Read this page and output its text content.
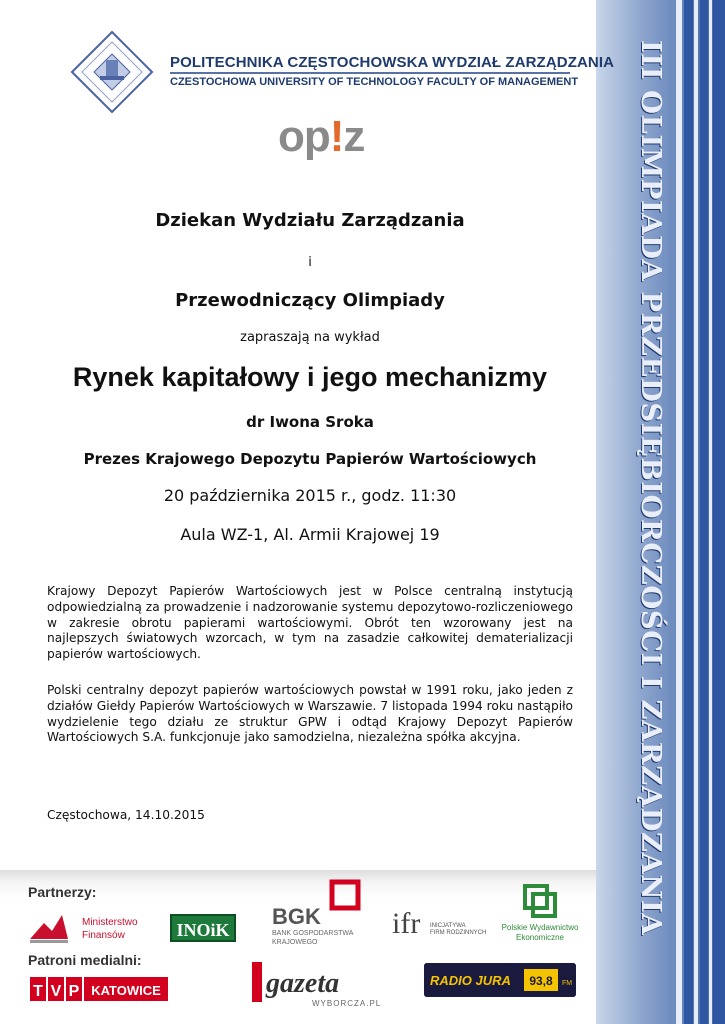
III OLIMPIADA PRZEDSIĘBIORCZOŚCI I ZARZĄDZANIA
POLITECHNIKA CZĘSTOCHOWSKA WYDZIAŁ ZARZĄDZANIA
CZESTOCHOWA UNIVERSITY OF TECHNOLOGY FACULTY OF MANAGEMENT
op!z
Dziekan Wydziału Zarządzania
i
Przewodniczący Olimpiady
zapraszają na wykład
Rynek kapitałowy i jego mechanizmy
dr Iwona Sroka
Prezes Krajowego Depozytu Papierów Wartościowych
20 października 2015 r., godz. 11:30
Aula WZ-1, Al. Armii Krajowej 19
Krajowy Depozyt Papierów Wartościowych jest w Polsce centralną instytucją odpowiedzialną za prowadzenie i nadzorowanie systemu depozytowo-rozliczeniowego w zakresie obrotu papierami wartościowymi. Obrót ten wzorowany jest na najlepszych światowych wzorcach, w tym na zasadzie całkowitej dematerializacji papierów wartościowych.
Polski centralny depozyt papierów wartościowych powstał w 1991 roku, jako jeden z działów Giełdy Papierów Wartościowych w Warszawie. 7 listopada 1994 roku nastąpiło wydzielenie tego działu ze struktur GPW i odtąd Krajowy Depozyt Papierów Wartościowych S.A. funkcjonuje jako samodzielna, niezależna spółka akcyjna.
Częstochowa, 14.10.2015
Partnerzy:
Patroni medialni:
Ministerstwo
Finansów	INOiK
BGK
BANK GOSPODARSTWA
KRAJOWEGO
ifr INICJATYWA
FIRM RODZINNYCH
Polskie Wydawnictwo
Ekonomiczne
T V P KATOWICE	gazeta
WYBORCZA.PL
RADIO JURA 93,8 FM
